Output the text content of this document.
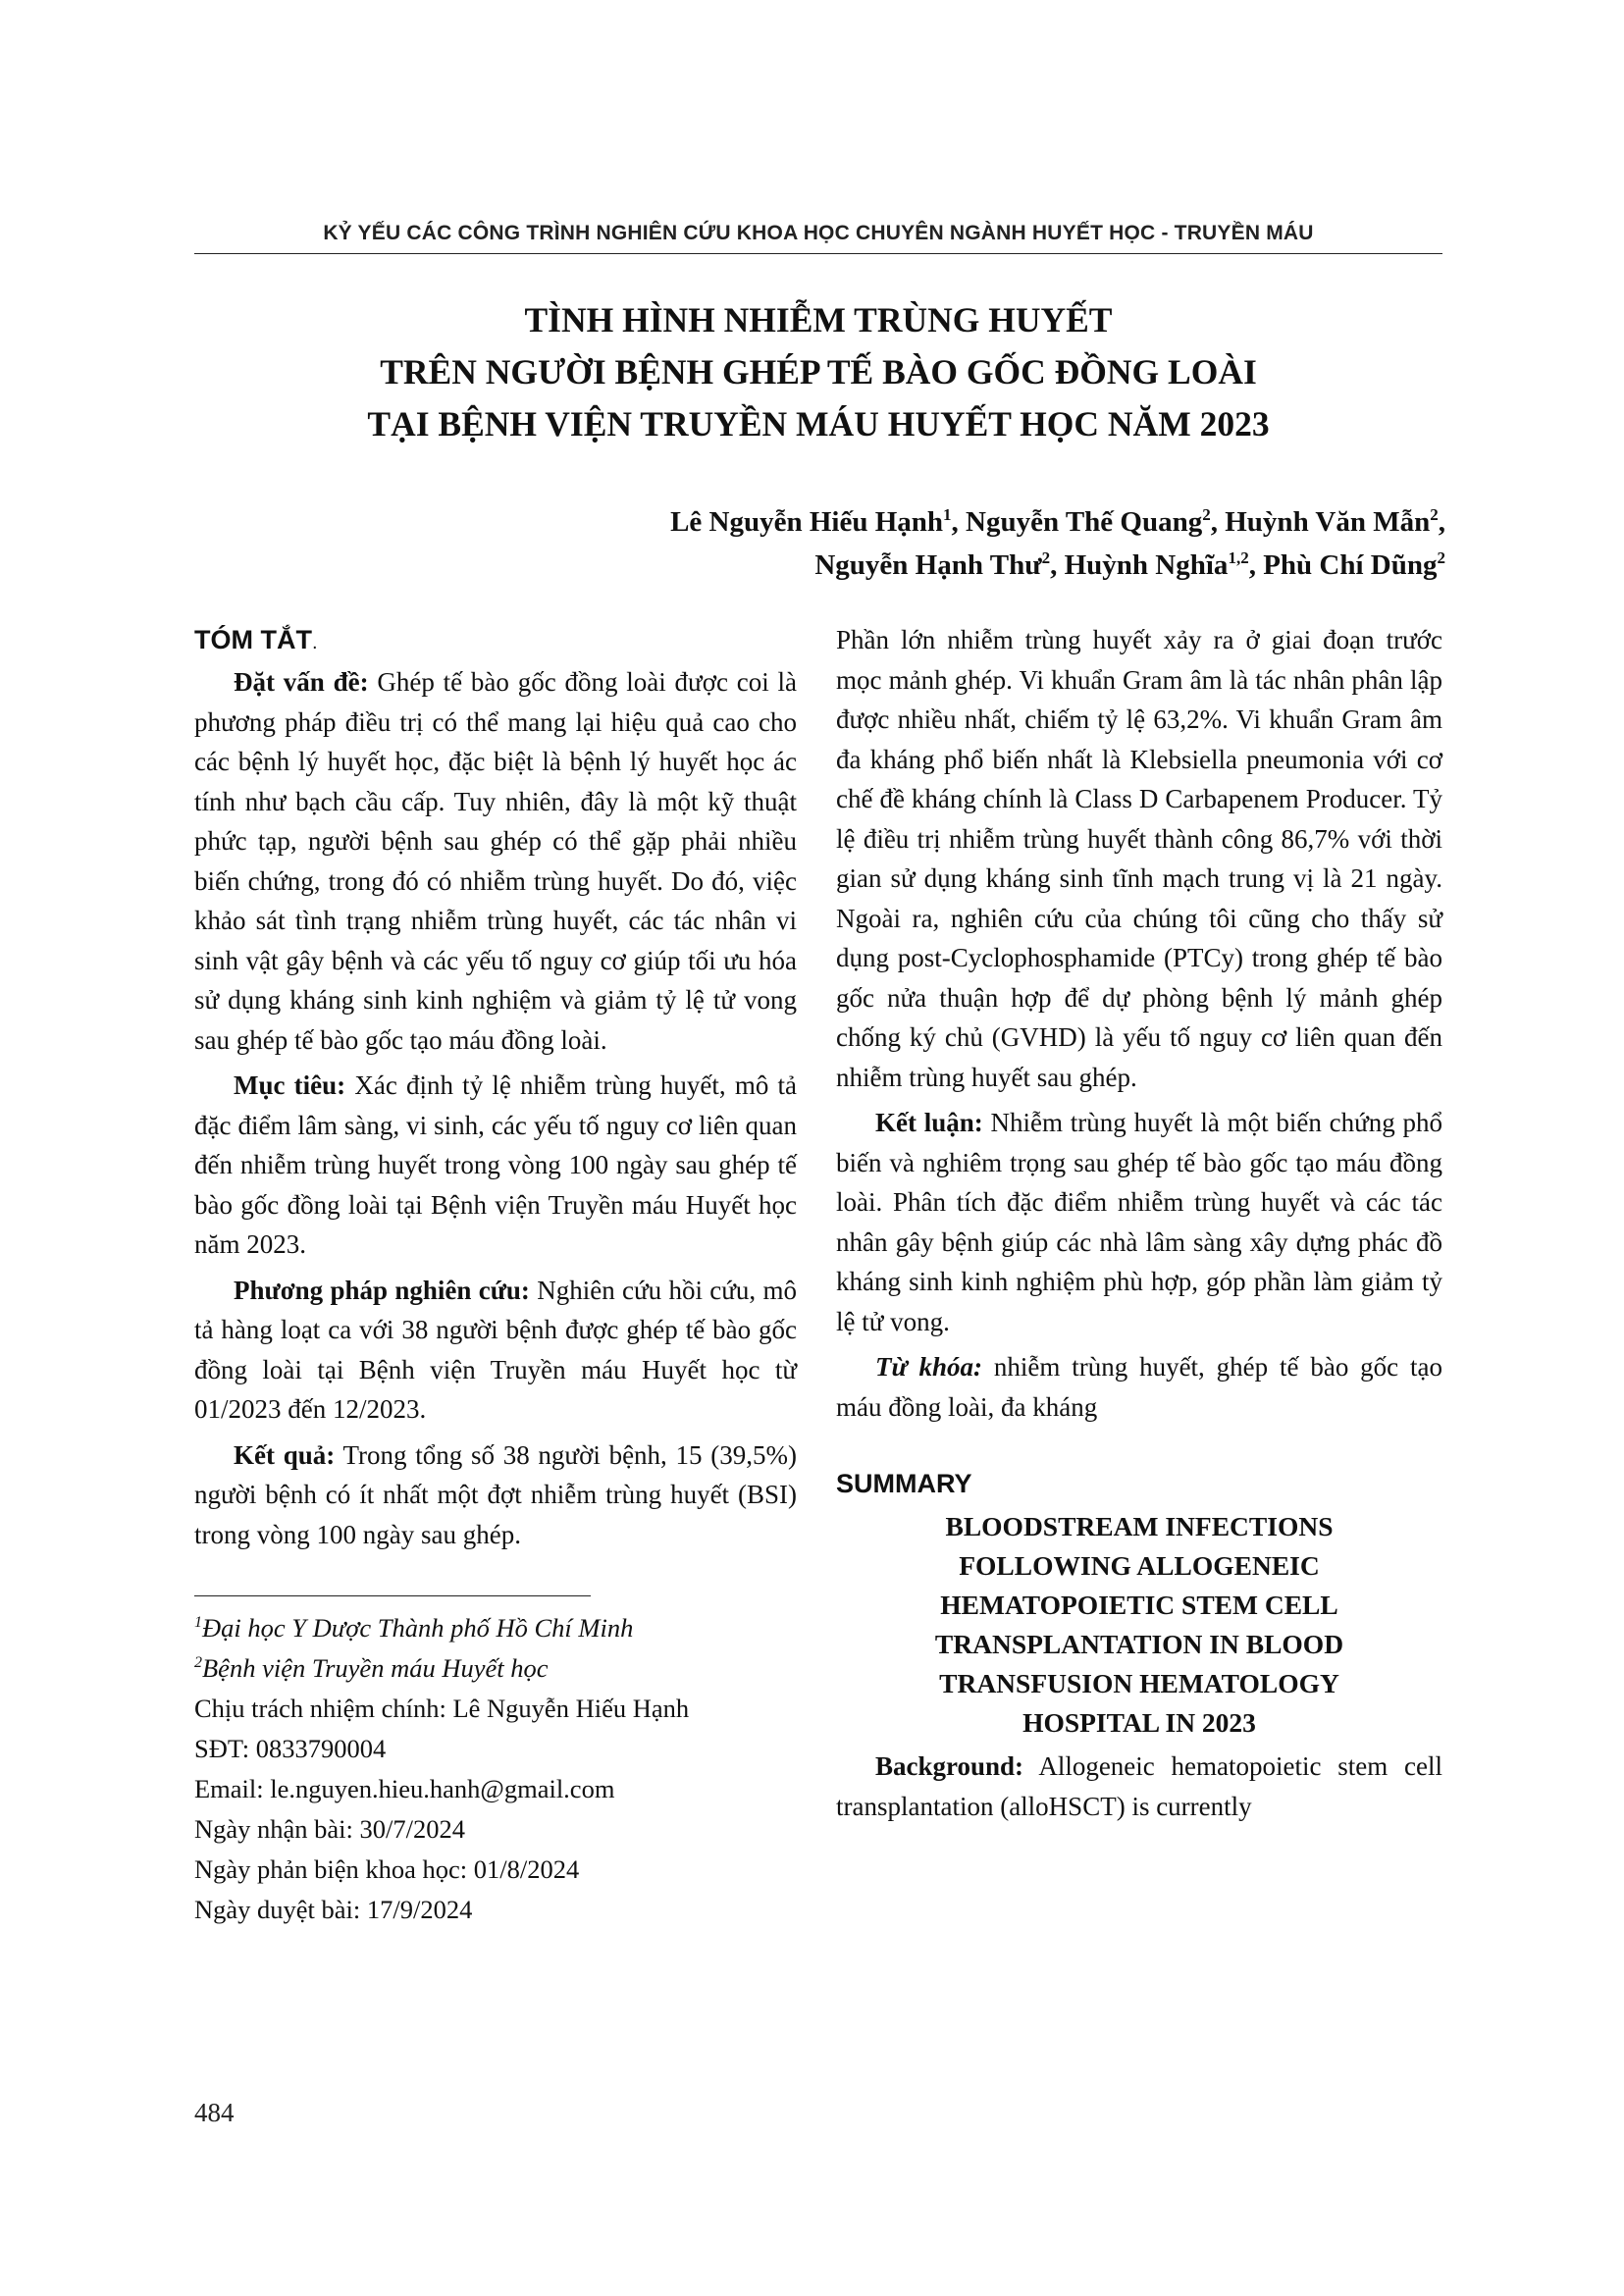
KỶ YẾU CÁC CÔNG TRÌNH NGHIÊN CỨU KHOA HỌC CHUYÊN NGÀNH HUYẾT HỌC - TRUYỀN MÁU
TÌNH HÌNH NHIỄM TRÙNG HUYẾT
TRÊN NGƯỜI BỆNH GHÉP TẾ BÀO GỐC ĐỒNG LOÀI
TẠI BỆNH VIỆN TRUYỀN MÁU HUYẾT HỌC NĂM 2023
Lê Nguyễn Hiếu Hạnh$^1$, Nguyễn Thế Quang$^2$, Huỳnh Văn Mẫn$^2$,
Nguyễn Hạnh Thư$^2$, Huỳnh Nghĩa$^{1,2}$, Phù Chí Dũng$^2$
TÓM TẮT.

Đặt vấn đề: Ghép tế bào gốc đồng loài được coi là phương pháp điều trị có thể mang lại hiệu quả cao cho các bệnh lý huyết học, đặc biệt là bệnh lý huyết học ác tính như bạch cầu cấp. Tuy nhiên, đây là một kỹ thuật phức tạp, người bệnh sau ghép có thể gặp phải nhiều biến chứng, trong đó có nhiễm trùng huyết. Do đó, việc khảo sát tình trạng nhiễm trùng huyết, các tác nhân vi sinh vật gây bệnh và các yếu tố nguy cơ giúp tối ưu hóa sử dụng kháng sinh kinh nghiệm và giảm tỷ lệ tử vong sau ghép tế bào gốc tạo máu đồng loài.

Mục tiêu: Xác định tỷ lệ nhiễm trùng huyết, mô tả đặc điểm lâm sàng, vi sinh, các yếu tố nguy cơ liên quan đến nhiễm trùng huyết trong vòng 100 ngày sau ghép tế bào gốc đồng loài tại Bệnh viện Truyền máu Huyết học năm 2023.

Phương pháp nghiên cứu: Nghiên cứu hồi cứu, mô tả hàng loạt ca với 38 người bệnh được ghép tế bào gốc đồng loài tại Bệnh viện Truyền máu Huyết học từ 01/2023 đến 12/2023.

Kết quả: Trong tổng số 38 người bệnh, 15 (39,5%) người bệnh có ít nhất một đợt nhiễm trùng huyết (BSI) trong vòng 100 ngày sau ghép.

$^1$Đại học Y Dược Thành phố Hồ Chí Minh
$^2$Bệnh viện Truyền máu Huyết học
Chịu trách nhiệm chính: Lê Nguyễn Hiếu Hạnh
SĐT: 0833790004
Email: le.nguyen.hieu.hanh@gmail.com
Ngày nhận bài: 30/7/2024
Ngày phản biện khoa học: 01/8/2024
Ngày duyệt bài: 17/9/2024

Phần lớn nhiễm trùng huyết xảy ra ở giai đoạn trước mọc mảnh ghép. Vi khuẩn Gram âm là tác nhân phân lập được nhiều nhất, chiếm tỷ lệ 63,2%. Vi khuẩn Gram âm đa kháng phổ biến nhất là Klebsiella pneumonia với cơ chế đề kháng chính là Class D Carbapenem Producer. Tỷ lệ điều trị nhiễm trùng huyết thành công 86,7% với thời gian sử dụng kháng sinh tĩnh mạch trung vị là 21 ngày. Ngoài ra, nghiên cứu của chúng tôi cũng cho thấy sử dụng post-Cyclophosphamide (PTCy) trong ghép tế bào gốc nửa thuận hợp để dự phòng bệnh lý mảnh ghép chống ký chủ (GVHD) là yếu tố nguy cơ liên quan đến nhiễm trùng huyết sau ghép.

Kết luận: Nhiễm trùng huyết là một biến chứng phổ biến và nghiêm trọng sau ghép tế bào gốc tạo máu đồng loài. Phân tích đặc điểm nhiễm trùng huyết và các tác nhân gây bệnh giúp các nhà lâm sàng xây dựng phác đồ kháng sinh kinh nghiệm phù hợp, góp phần làm giảm tỷ lệ tử vong.

Từ khóa: nhiễm trùng huyết, ghép tế bào gốc tạo máu đồng loài, đa kháng

SUMMARY
BLOODSTREAM INFECTIONS
FOLLOWING ALLOGENEIC
HEMATOPOIETIC STEM CELL
TRANSPLANTATION IN BLOOD
TRANSFUSION HEMATOLOGY
HOSPITAL IN 2023

Background: Allogeneic hematopoietic stem cell transplantation (alloHSCT) is currently

484
